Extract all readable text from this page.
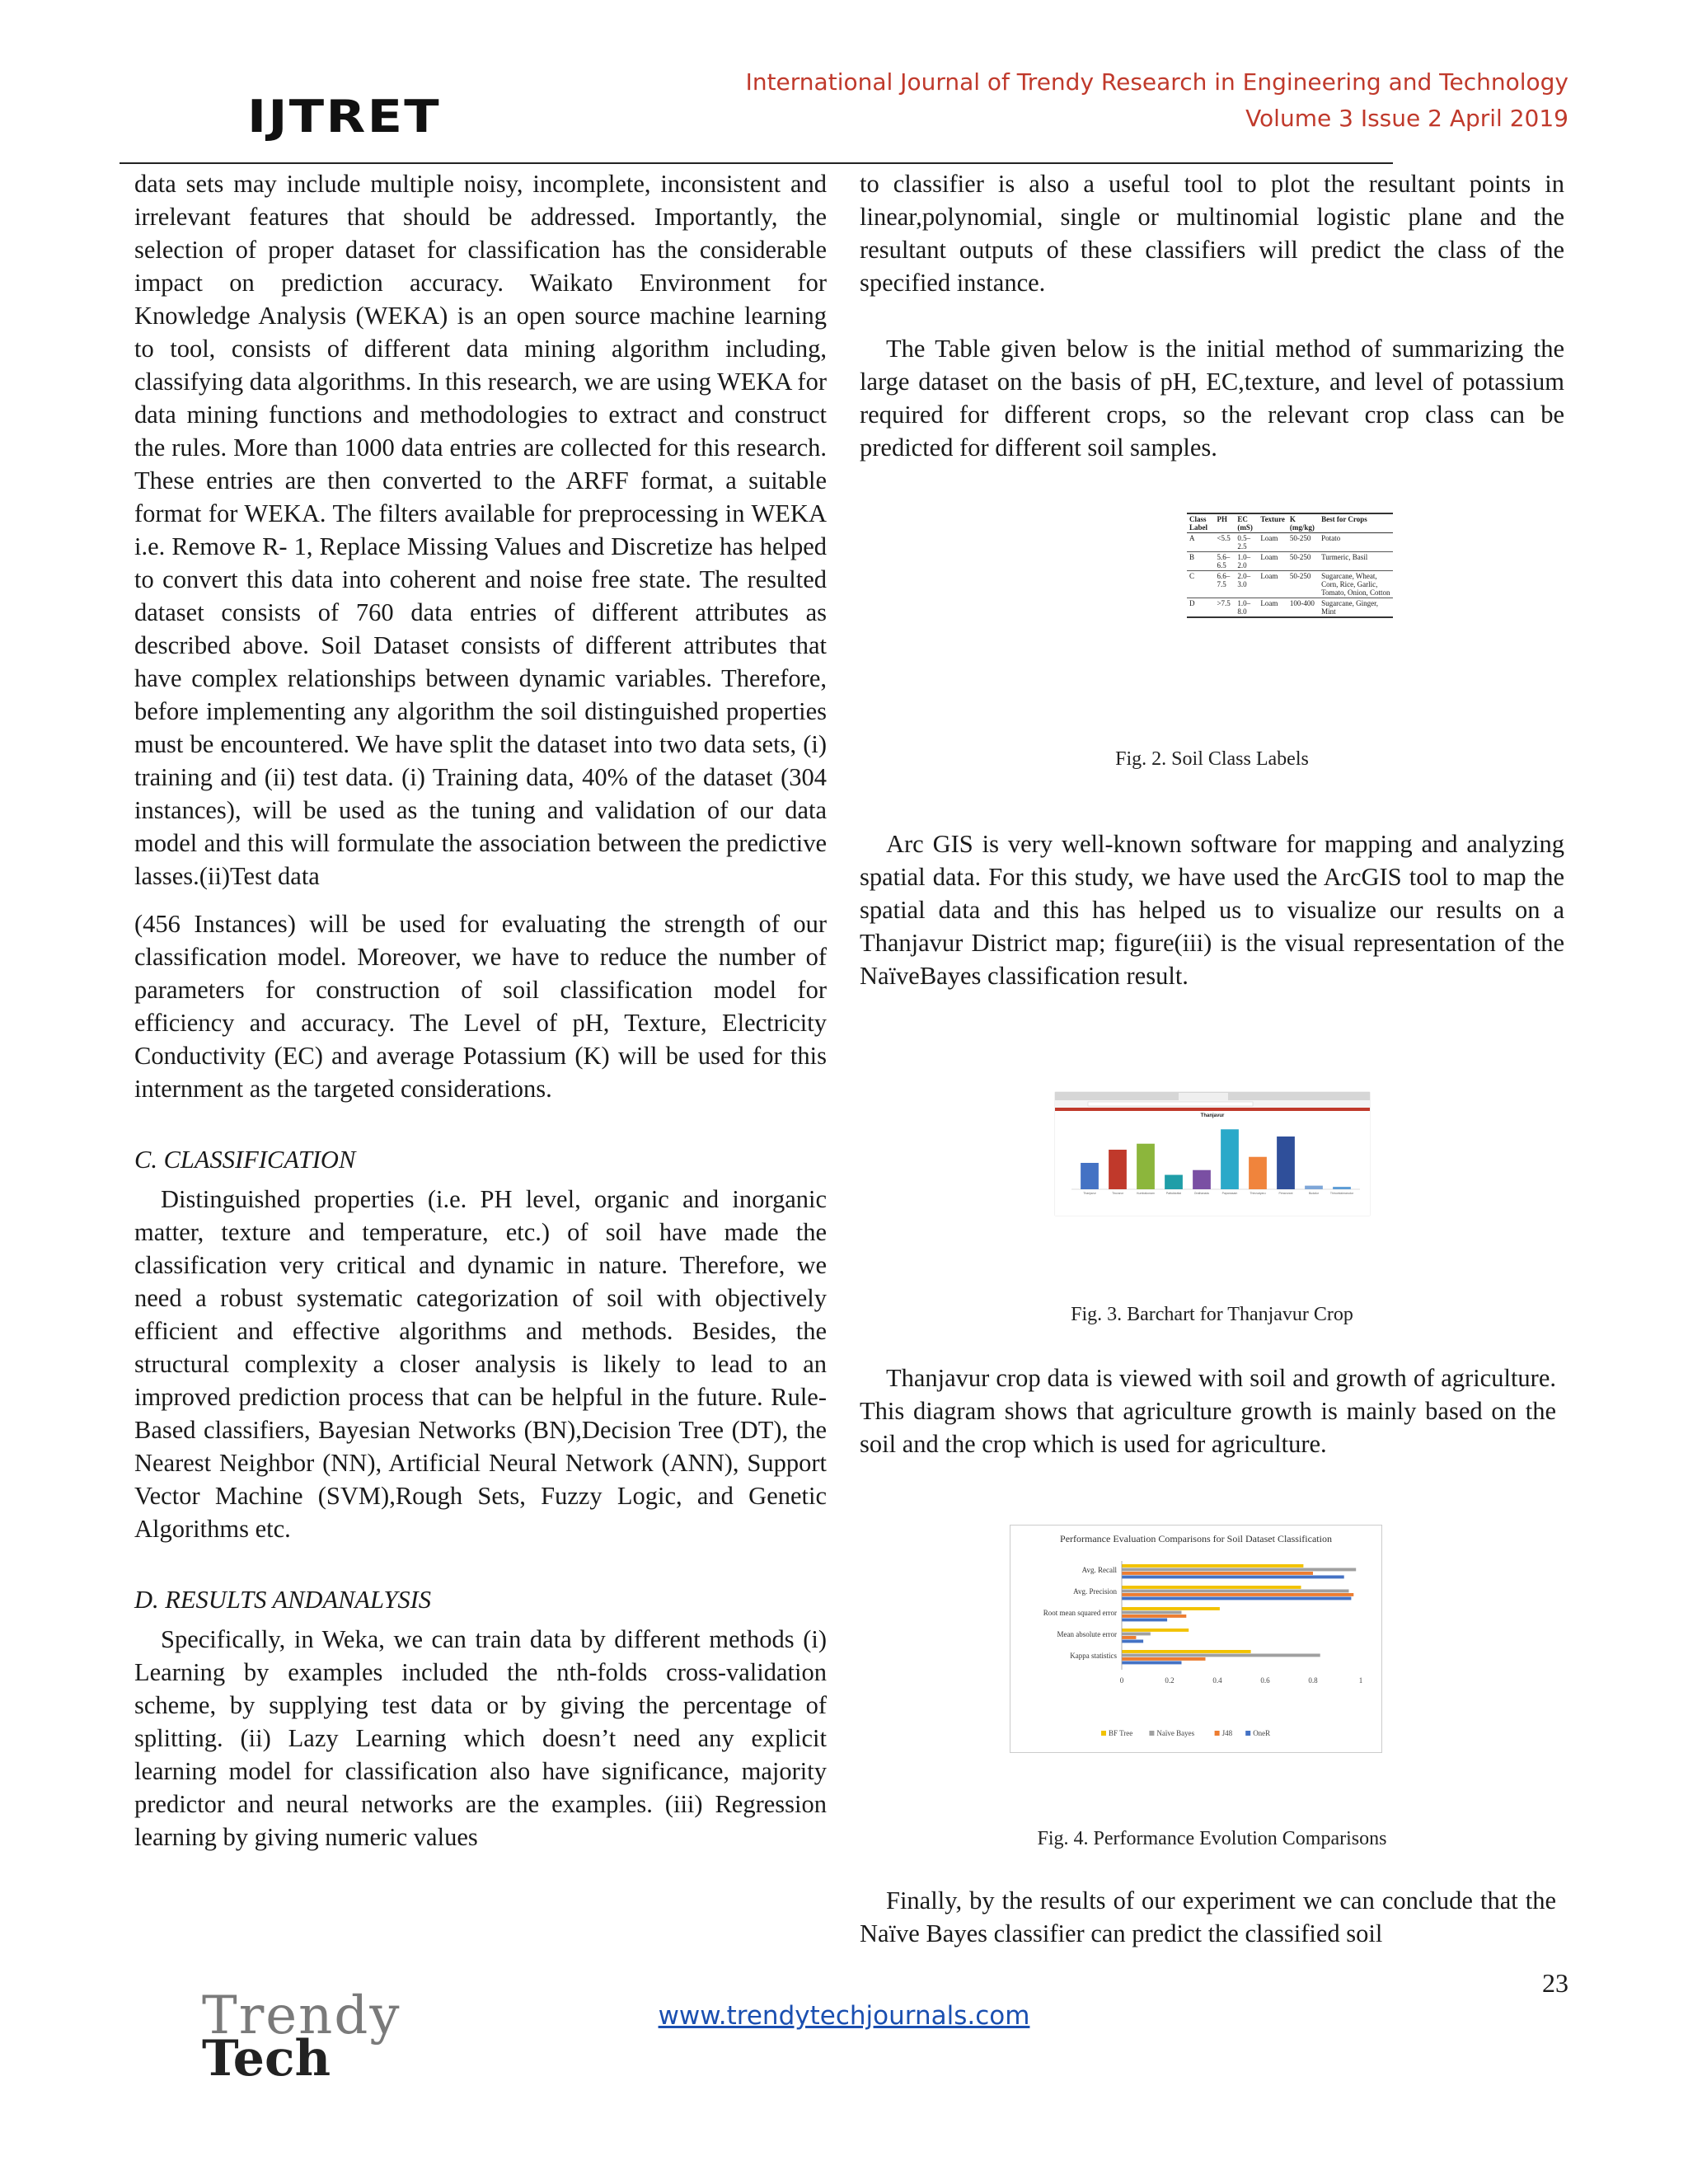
International Journal of Trendy Research in Engineering and Technology
Volume 3 Issue 2 April 2019
IJTRET

data sets may include multiple noisy, incomplete, inconsistent and irrelevant features that should be addressed. Importantly, the selection of proper dataset for classification has the considerable impact on prediction accuracy. Waikato Environment for Knowledge Analysis (WEKA) is an open source machine learning to tool, consists of different data mining algorithm including, classifying data algorithms. In this research, we are using WEKA for data mining functions and methodologies to extract and construct the rules. More than 1000 data entries are collected for this research. These entries are then converted to the ARFF format, a suitable format for WEKA. The filters available for preprocessing in WEKA i.e. Remove R- 1, Replace Missing Values and Discretize has helped to convert this data into coherent and noise free state. The resulted dataset consists of 760 data entries of different attributes as described above. Soil Dataset consists of different attributes that have complex relationships between dynamic variables. Therefore, before implementing any algorithm the soil distinguished properties must be encountered. We have split the dataset into two data sets, (i) training and (ii) test data. (i) Training data, 40% of the dataset (304 instances), will be used as the tuning and validation of our data model and this will formulate the association between the predictive lasses.(ii)Test data

(456 Instances) will be used for evaluating the strength of our classification model. Moreover, we have to reduce the number of parameters for construction of soil classification model for efficiency and accuracy. The Level of pH, Texture, Electricity Conductivity (EC) and average Potassium (K) will be used for this internment as the targeted considerations.

C. CLASSIFICATION

Distinguished properties (i.e. PH level, organic and inorganic matter, texture and temperature, etc.) of soil have made the classification very critical and dynamic in nature. Therefore, we need a robust systematic categorization of soil with objectively efficient and effective algorithms and methods. Besides, the structural complexity a closer analysis is likely to lead to an improved prediction process that can be helpful in the future. Rule-Based classifiers, Bayesian Networks (BN),Decision Tree (DT), the Nearest Neighbor (NN), Artificial Neural Network (ANN), Support Vector Machine (SVM),Rough Sets, Fuzzy Logic, and Genetic Algorithms etc.

D. RESULTS ANDANALYSIS

Specifically, in Weka, we can train data by different methods (i) Learning by examples included the nth-folds cross-validation scheme, by supplying test data or by giving the percentage of splitting. (ii) Lazy Learning which doesn’t need any explicit learning model for classification also have significance, majority predictor and neural networks are the examples. (iii) Regression learning by giving numeric values

to classifier is also a useful tool to plot the resultant points in linear,polynomial, single or multinomial logistic plane and the resultant outputs of these classifiers will predict the class of the specified instance.

The Table given below is the initial method of summarizing the large dataset on the basis of pH, EC,texture, and level of potassium required for different crops, so the relevant crop class can be predicted for different soil samples.

Class Label	PH	EC (mS)	Texture	K (mg/kg)	Best for Crops
A	<5.5	0.5–2.5	Loam	50-250	Potato
B	5.6–6.5	1.0–2.0	Loam	50-250	Turmeric, Basil
C	6.6–7.5	2.0–3.0	Loam	50-250	Sugarcane, Wheat, Corn, Rice, Garlic, Tomato, Onion, Cotton
D	>7.5	1.0–8.0	Loam	100-400	Sugarcane, Ginger, Mint
Fig. 2. Soil Class Labels

Arc GIS is very well-known software for mapping and analyzing spatial data. For this study, we have used the ArcGIS tool to map the spatial data and this has helped us to visualize our results on a Thanjavur District map; figure(iii) is the visual representation of the NaïveBayes classification result.

Thanjavur
Thanjavur	Tiruvarur	Kumbakonam	Pattukkottai	Orathanadu	Papanasam	Thiruvaiyaru	Peravurani	Budalur	Thiruvidaimarudur
Fig. 3. Barchart for Thanjavur Crop

Thanjavur crop data is viewed with soil and growth of agriculture. This diagram shows that agriculture growth is mainly based on the soil and the crop which is used for agriculture.

Performance Evaluation Comparisons for Soil Dataset Classification
Avg. Recall
Avg. Precision
Root mean squared error
Mean absolute error
Kappa statistics
0	0.2	0.4	0.6	0.8	1
BF Tree	Naïve Bayes	J48	OneR
Fig. 4. Performance Evolution Comparisons

Finally, by the results of our experiment we can conclude that the Naïve Bayes classifier can predict the classified soil

23
www.trendytechjournals.com
Trendy
Tech
